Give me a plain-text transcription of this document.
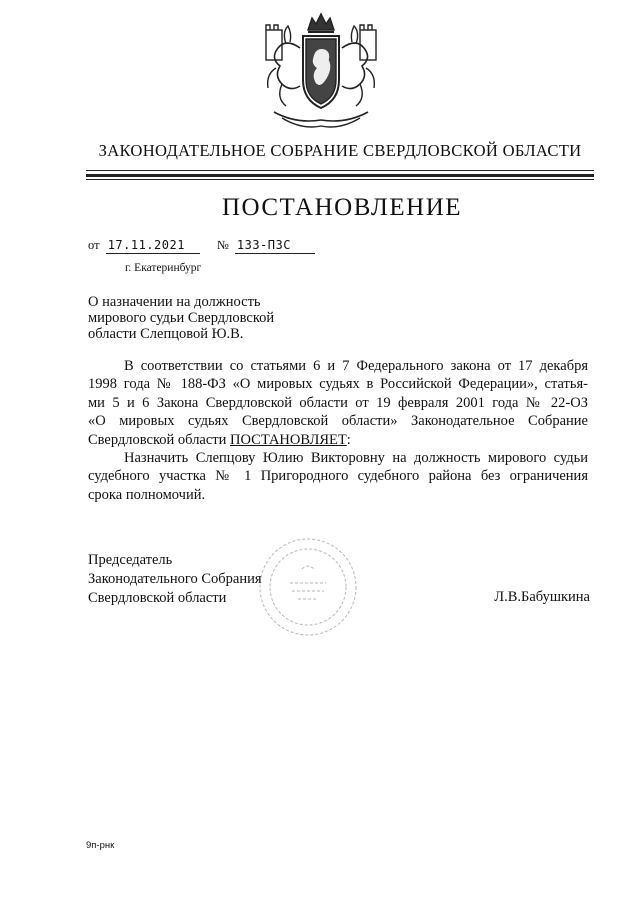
ЗАКОНОДАТЕЛЬНОЕ СОБРАНИЕ СВЕРДЛОВСКОЙ ОБЛАСТИ
ПОСТАНОВЛЕНИЕ
от 17.11.2021	№ 133-ПЗС
г. Екатеринбург
О назначении на должность
мирового судьи Свердловской
области Слепцовой Ю.В.
В соответствии со статьями 6 и 7 Федерального закона от 17 декабря
1998 года № 188-ФЗ «О мировых судьях в Российской Федерации», статья-
ми 5 и 6 Закона Свердловской области от 19 февраля 2001 года № 22-ОЗ
«О мировых судьях Свердловской области» Законодательное Собрание
Свердловской области ПОСТАНОВЛЯЕТ:
Назначить Слепцову Юлию Викторовну на должность мирового судьи
судебного участка № 1 Пригородного судебного района без ограничения
срока полномочий.
Председатель
Законодательного Собрания
Свердловской области	Л.В.Бабушкина
9п-рнк
